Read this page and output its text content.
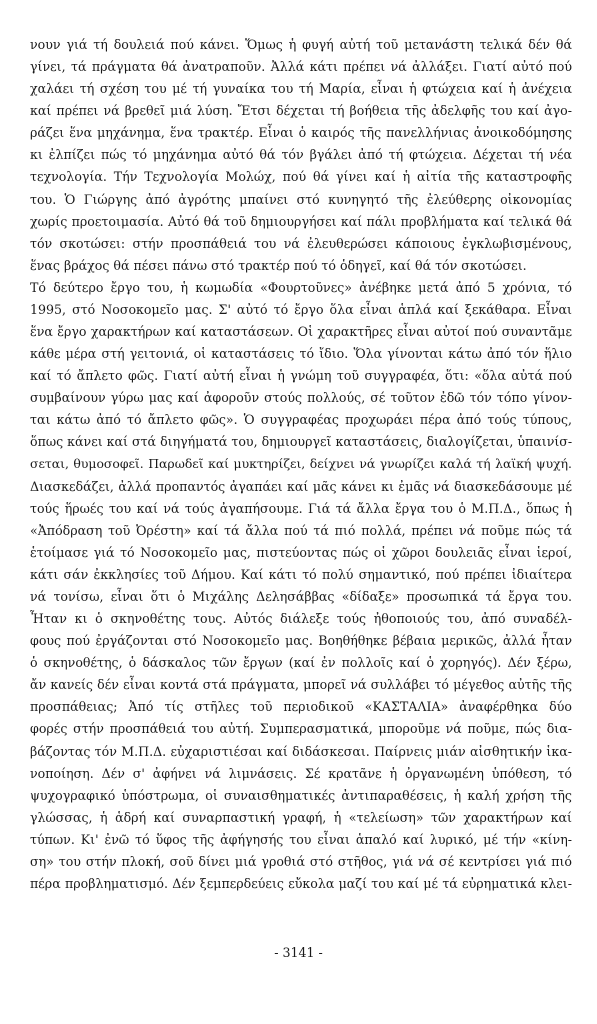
νουν γιά τή δουλειά πού κάνει. Ὅμως ἡ φυγή αὐτή τοῦ μετανάστη τελικά δέν θά
γίνει, τά πράγματα θά ἀνατραποῦν. Ἀλλά κάτι πρέπει νά ἀλλάξει. Γιατί αὐτό πού
χαλάει τή σχέση του μέ τή γυναίκα του τή Μαρία, εἶναι ἡ φτώχεια καί ἡ ἀνέχεια
καί πρέπει νά βρεθεῖ μιά λύση. Ἔτσι δέχεται τή βοήθεια τῆς ἀδελφῆς του καί ἀγο-
ράζει ἕνα μηχάνημα, ἕνα τρακτέρ. Εἶναι ὁ καιρός τῆς πανελλήνιας ἀνοικοδόμησης
κι ἐλπίζει πώς τό μηχάνημα αὐτό θά τόν βγάλει ἀπό τή φτώχεια. Δέχεται τή νέα
τεχνολογία. Τήν Τεχνολογία Μολώχ, πού θά γίνει καί ἡ αἰτία τῆς καταστροφῆς
του. Ὁ Γιώργης ἀπό ἀγρότης μπαίνει στό κυνηγητό τῆς ἐλεύθερης οἰκονομίας
χωρίς προετοιμασία. Αὐτό θά τοῦ δημιουργήσει καί πάλι προβλήματα καί τελικά θά
τόν σκοτώσει: στήν προσπάθειά του νά ἐλευθερώσει κάποιους ἐγκλωβισμένους,
ἕνας βράχος θά πέσει πάνω στό τρακτέρ πού τό ὁδηγεῖ, καί θά τόν σκοτώσει.
Τό δεύτερο ἔργο του, ἡ κωμωδία «Φουρτοῦνες» ἀνέβηκε μετά ἀπό 5 χρόνια, τό
1995, στό Νοσοκομεῖο μας. Σ' αὐτό τό ἔργο ὅλα εἶναι ἁπλά καί ξεκάθαρα. Εἶναι
ἕνα ἔργο χαρακτήρων καί καταστάσεων. Οἱ χαρακτῆρες εἶναι αὐτοί πού συναντᾶμε
κάθε μέρα στή γειτονιά, οἱ καταστάσεις τό ἴδιο. Ὅλα γίνονται κάτω ἀπό τόν ἥλιο
καί τό ἄπλετο φῶς. Γιατί αὐτή εἶναι ἡ γνώμη τοῦ συγγραφέα, ὅτι: «ὅλα αὐτά πού
συμβαίνουν γύρω μας καί ἀφοροῦν στούς πολλούς, σέ τοῦτον ἐδῶ τόν τόπο γίνον-
ται κάτω ἀπό τό ἄπλετο φῶς». Ὁ συγγραφέας προχωράει πέρα ἀπό τούς τύπους,
ὅπως κάνει καί στά διηγήματά του, δημιουργεῖ καταστάσεις, διαλογίζεται, ὑπαινίσ-
σεται, θυμοσοφεῖ. Παρωδεῖ καί μυκτηρίζει, δείχνει νά γνωρίζει καλά τή λαϊκή ψυχή.
Διασκεδάζει, ἀλλά προπαντός ἀγαπάει καί μᾶς κάνει κι ἐμᾶς νά διασκεδάσουμε μέ
τούς ἥρωές του καί νά τούς ἀγαπήσουμε. Γιά τά ἄλλα ἔργα του ὁ Μ.Π.Δ., ὅπως ἡ
«Ἀπόδραση τοῦ Ὀρέστη» καί τά ἄλλα πού τά πιό πολλά, πρέπει νά ποῦμε πώς τά
ἑτοίμασε γιά τό Νοσοκομεῖο μας, πιστεύοντας πώς οἱ χῶροι δουλειᾶς εἶναι ἱεροί,
κάτι σάν ἐκκλησίες τοῦ Δήμου. Καί κάτι τό πολύ σημαντικό, πού πρέπει ἰδιαίτερα
νά τονίσω, εἶναι ὅτι ὁ Μιχάλης Δελησάββας «δίδαξε» προσωπικά τά ἔργα του.
Ἦταν κι ὁ σκηνοθέτης τους. Αὐτός διάλεξε τούς ἠθοποιούς του, ἀπό συναδέλ-
φους πού ἐργάζονται στό Νοσοκομεῖο μας. Βοηθήθηκε βέβαια μερικῶς, ἀλλά ἦταν
ὁ σκηνοθέτης, ὁ δάσκαλος τῶν ἔργων (καί ἐν πολλοῖς καί ὁ χορηγός). Δέν ξέρω,
ἄν κανείς δέν εἶναι κοντά στά πράγματα, μπορεῖ νά συλλάβει τό μέγεθος αὐτῆς τῆς
προσπάθειας; Ἀπό τίς στῆλες τοῦ περιοδικοῦ «ΚΑΣΤΑΛΙΑ» ἀναφέρθηκα δύο
φορές στήν προσπάθειά του αὐτή. Συμπερασματικά, μποροῦμε νά ποῦμε, πώς δια-
βάζοντας τόν Μ.Π.Δ. εὐχαριστιέσαι καί διδάσκεσαι. Παίρνεις μιάν αἰσθητικήν ἱκα-
νοποίηση. Δέν σ' ἀφήνει νά λιμνάσεις. Σέ κρατᾶνε ἡ ὀργανωμένη ὑπόθεση, τό
ψυχογραφικό ὑπόστρωμα, οἱ συναισθηματικές ἀντιπαραθέσεις, ἡ καλή χρήση τῆς
γλώσσας, ἡ ἁδρή καί συναρπαστική γραφή, ἡ «τελείωση» τῶν χαρακτήρων καί
τύπων. Κι' ἐνῶ τό ὕφος τῆς ἀφήγησής του εἶναι ἁπαλό καί λυρικό, μέ τήν «κίνη-
ση» του στήν πλοκή, σοῦ δίνει μιά γροθιά στό στῆθος, γιά νά σέ κεντρίσει γιά πιό
πέρα προβληματισμό. Δέν ξεμπερδεύεις εὔκολα μαζί του καί μέ τά εὐρηματικά κλει-
- 3141 -
